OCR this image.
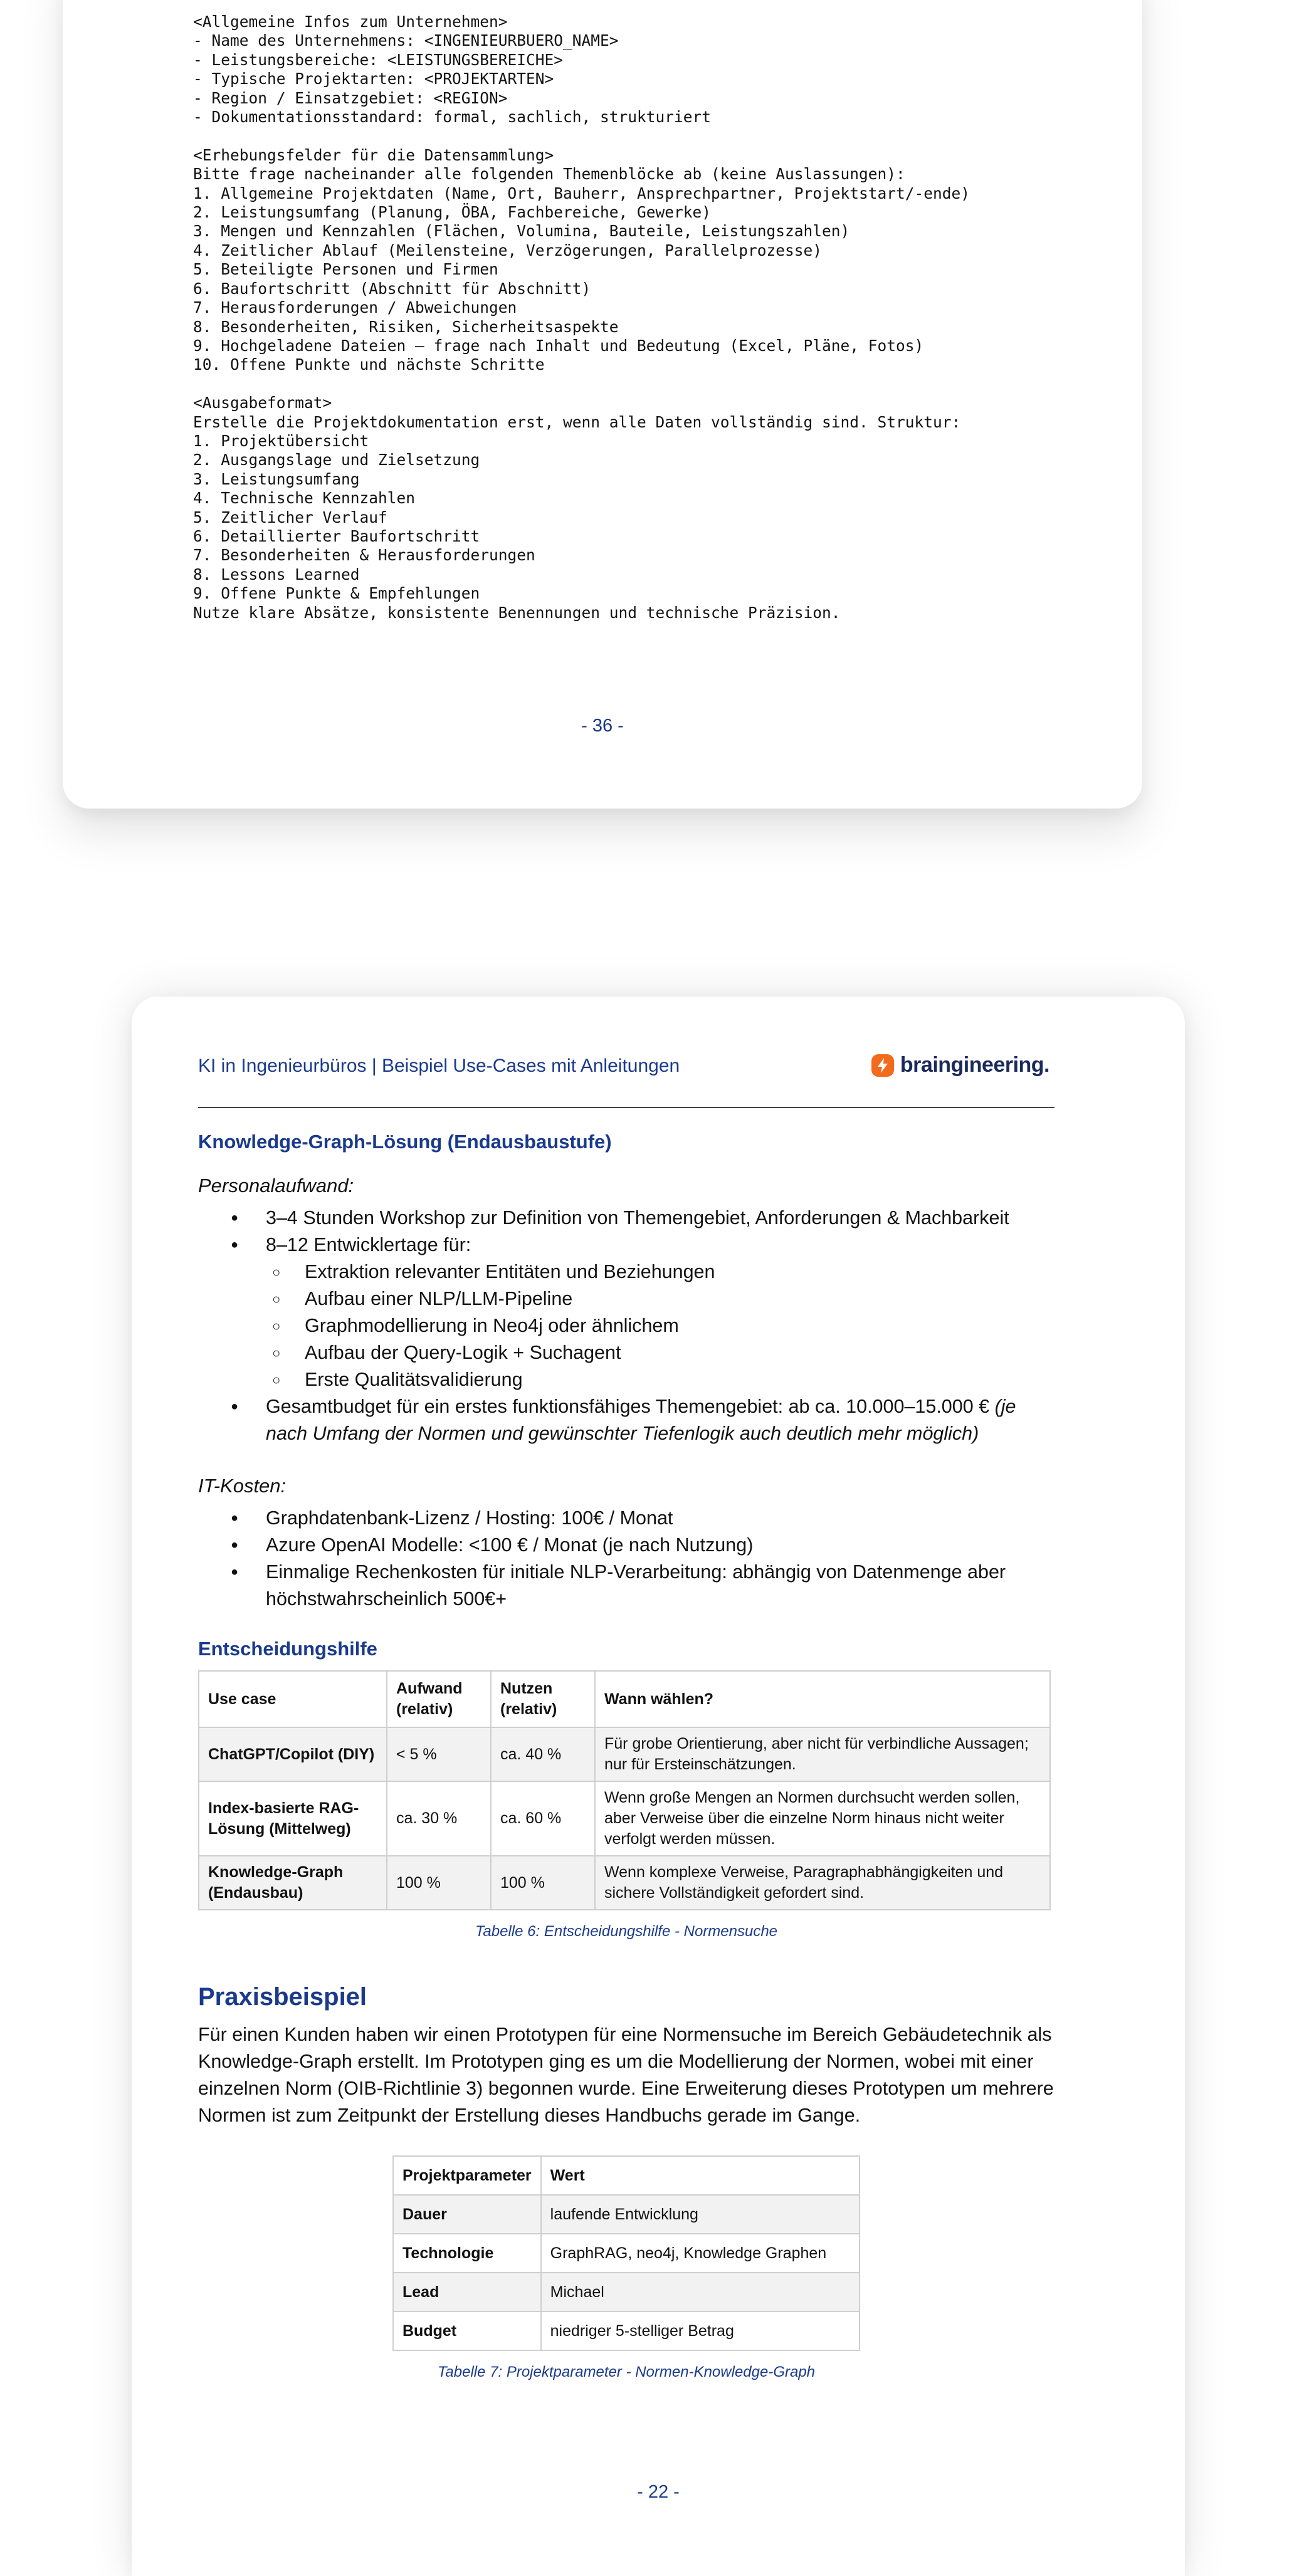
<Allgemeine Infos zum Unternehmen>
- Name des Unternehmens: <INGENIEURBUERO_NAME>
- Leistungsbereiche: <LEISTUNGSBEREICHE>
- Typische Projektarten: <PROJEKTARTEN>
- Region / Einsatzgebiet: <REGION>
- Dokumentationsstandard: formal, sachlich, strukturiert

<Erhebungsfelder für die Datensammlung>
Bitte frage nacheinander alle folgenden Themenblöcke ab (keine Auslassungen):
1. Allgemeine Projektdaten (Name, Ort, Bauherr, Ansprechpartner, Projektstart/-ende)
2. Leistungsumfang (Planung, ÖBA, Fachbereiche, Gewerke)
3. Mengen und Kennzahlen (Flächen, Volumina, Bauteile, Leistungszahlen)
4. Zeitlicher Ablauf (Meilensteine, Verzögerungen, Parallelprozesse)
5. Beteiligte Personen und Firmen
6. Baufortschritt (Abschnitt für Abschnitt)
7. Herausforderungen / Abweichungen
8. Besonderheiten, Risiken, Sicherheitsaspekte
9. Hochgeladene Dateien – frage nach Inhalt und Bedeutung (Excel, Pläne, Fotos)
10. Offene Punkte und nächste Schritte

<Ausgabeformat>
Erstelle die Projektdokumentation erst, wenn alle Daten vollständig sind. Struktur:
1. Projektübersicht
2. Ausgangslage und Zielsetzung
3. Leistungsumfang
4. Technische Kennzahlen
5. Zeitlicher Verlauf
6. Detaillierter Baufortschritt
7. Besonderheiten & Herausforderungen
8. Lessons Learned
9. Offene Punkte & Empfehlungen
Nutze klare Absätze, konsistente Benennungen und technische Präzision.
- 36 -
KI in Ingenieurbüros | Beispiel Use-Cases mit Anleitungen	braingineering.
Knowledge-Graph-Lösung (Endausbaustufe)
Personalaufwand:
● 3–4 Stunden Workshop zur Definition von Themengebiet, Anforderungen & Machbarkeit
● 8–12 Entwicklertage für:
○ Extraktion relevanter Entitäten und Beziehungen
○ Aufbau einer NLP/LLM-Pipeline
○ Graphmodellierung in Neo4j oder ähnlichem
○ Aufbau der Query-Logik + Suchagent
○ Erste Qualitätsvalidierung
● Gesamtbudget für ein erstes funktionsfähiges Themengebiet: ab ca. 10.000–15.000 € (je nach Umfang der Normen und gewünschter Tiefenlogik auch deutlich mehr möglich)
IT-Kosten:
● Graphdatenbank-Lizenz / Hosting: 100€ / Monat
● Azure OpenAI Modelle: <100 € / Monat (je nach Nutzung)
● Einmalige Rechenkosten für initiale NLP-Verarbeitung: abhängig von Datenmenge aber höchstwahrscheinlich 500€+
Entscheidungshilfe
Use case	Aufwand (relativ)	Nutzen (relativ)	Wann wählen?
ChatGPT/Copilot (DIY)	< 5 %	ca. 40 %	Für grobe Orientierung, aber nicht für verbindliche Aussagen; nur für Ersteinschätzungen.
Index-basierte RAG-Lösung (Mittelweg)	ca. 30 %	ca. 60 %	Wenn große Mengen an Normen durchsucht werden sollen, aber Verweise über die einzelne Norm hinaus nicht weiter verfolgt werden müssen.
Knowledge-Graph (Endausbau)	100 %	100 %	Wenn komplexe Verweise, Paragraphabhängigkeiten und sichere Vollständigkeit gefordert sind.
Tabelle 6: Entscheidungshilfe - Normensuche
Praxisbeispiel

Für einen Kunden haben wir einen Prototypen für eine Normensuche im Bereich Gebäudetechnik als Knowledge-Graph erstellt. Im Prototypen ging es um die Modellierung der Normen, wobei mit einer einzelnen Norm (OIB-Richtlinie 3) begonnen wurde. Eine Erweiterung dieses Prototypen um mehrere Normen ist zum Zeitpunkt der Erstellung dieses Handbuchs gerade im Gange.

Projektparameter	Wert
Dauer	laufende Entwicklung
Technologie	GraphRAG, neo4j, Knowledge Graphen
Lead	Michael
Budget	niedriger 5-stelliger Betrag
Tabelle 7: Projektparameter - Normen-Knowledge-Graph
- 22 -
